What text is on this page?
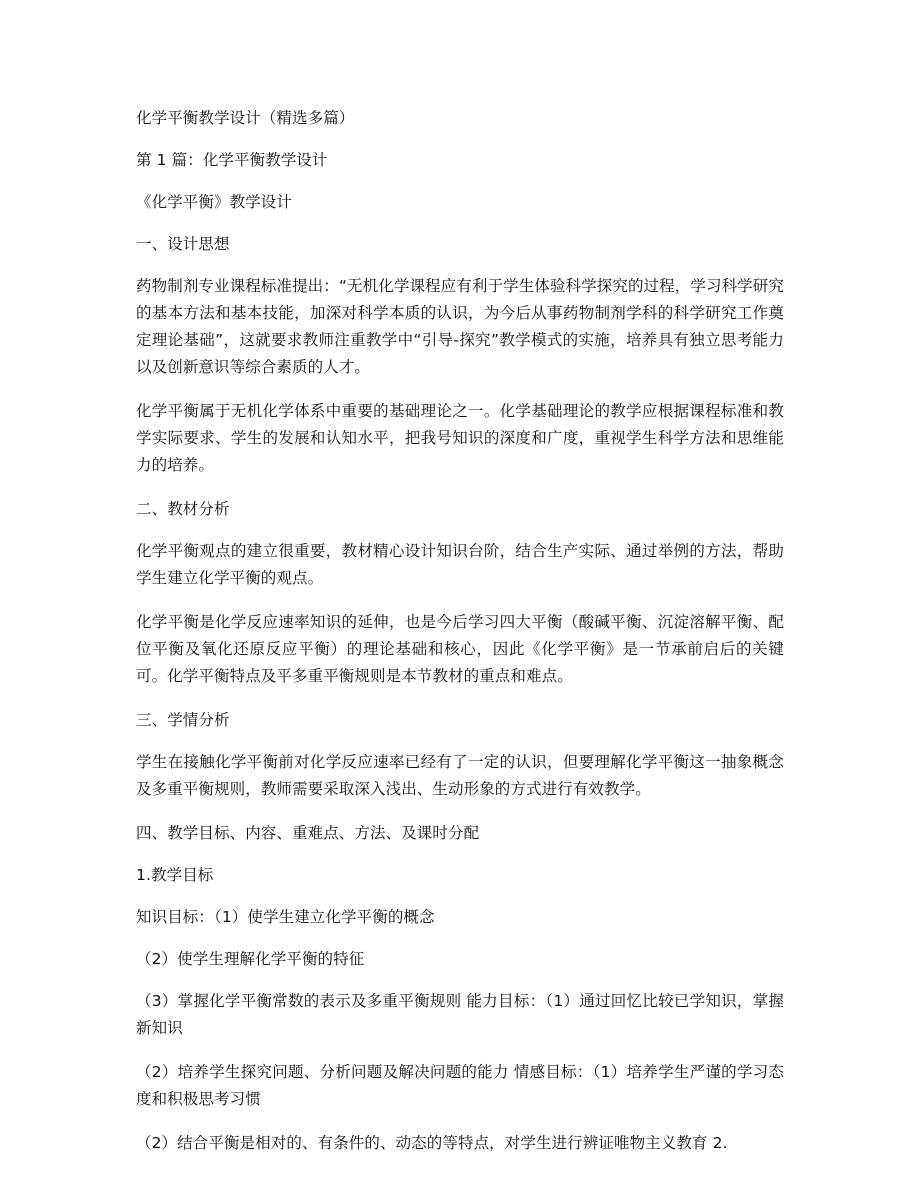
化学平衡教学设计（精选多篇）

第 1 篇：化学平衡教学设计

《化学平衡》教学设计

一、设计思想

药物制剂专业课程标准提出：“无机化学课程应有利于学生体验科学探究的过程，学习科学研究的基本方法和基本技能，加深对科学本质的认识，为今后从事药物制剂学科的科学研究工作奠定理论基础”，这就要求教师注重教学中“引导-探究”教学模式的实施，培养具有独立思考能力以及创新意识等综合素质的人才。

化学平衡属于无机化学体系中重要的基础理论之一。化学基础理论的教学应根据课程标准和教学实际要求、学生的发展和认知水平，把我号知识的深度和广度，重视学生科学方法和思维能力的培养。

二、教材分析

化学平衡观点的建立很重要，教材精心设计知识台阶，结合生产实际、通过举例的方法，帮助学生建立化学平衡的观点。

化学平衡是化学反应速率知识的延伸，也是今后学习四大平衡（酸碱平衡、沉淀溶解平衡、配位平衡及氧化还原反应平衡）的理论基础和核心，因此《化学平衡》是一节承前启后的关键可。化学平衡特点及平多重平衡规则是本节教材的重点和难点。

三、学情分析

学生在接触化学平衡前对化学反应速率已经有了一定的认识，但要理解化学平衡这一抽象概念及多重平衡规则，教师需要采取深入浅出、生动形象的方式进行有效教学。

四、教学目标、内容、重难点、方法、及课时分配

1.教学目标

知识目标：（1）使学生建立化学平衡的概念

（2）使学生理解化学平衡的特征

（3）掌握化学平衡常数的表示及多重平衡规则 能力目标：（1）通过回忆比较已学知识，掌握新知识

（2）培养学生探究问题、分析问题及解决问题的能力 情感目标：（1）培养学生严谨的学习态度和积极思考习惯

（2）结合平衡是相对的、有条件的、动态的等特点，对学生进行辨证唯物主义教育 2.
